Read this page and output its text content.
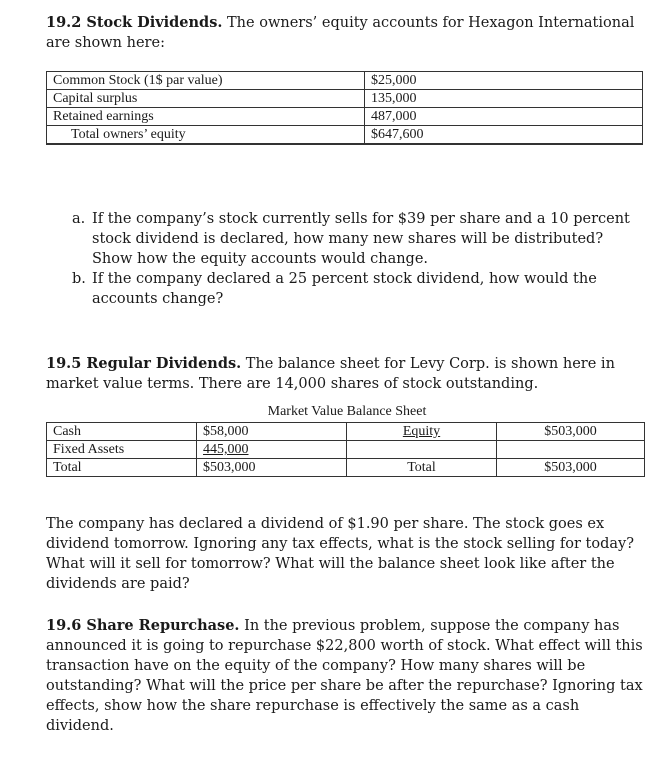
19.2 Stock Dividends. The owners’ equity accounts for Hexagon International are shown here:
Common Stock (1$ par value)	$25,000
Capital surplus	135,000
Retained earnings	487,000
Total owners’ equity	$647,600
a. If the company’s stock currently sells for $39 per share and a 10 percent stock dividend is declared, how many new shares will be distributed? Show how the equity accounts would change.
b. If the company declared a 25 percent stock dividend, how would the accounts change?
19.5 Regular Dividends. The balance sheet for Levy Corp. is shown here in market value terms. There are 14,000 shares of stock outstanding.
Market Value Balance Sheet
Cash	$58,000	Equity	$503,000
Fixed Assets	445,000		
Total	$503,000	Total	$503,000
The company has declared a dividend of $1.90 per share. The stock goes ex dividend tomorrow. Ignoring any tax effects, what is the stock selling for today? What will it sell for tomorrow? What will the balance sheet look like after the dividends are paid?
19.6 Share Repurchase. In the previous problem, suppose the company has announced it is going to repurchase $22,800 worth of stock. What effect will this transaction have on the equity of the company? How many shares will be outstanding? What will the price per share be after the repurchase? Ignoring tax effects, show how the share repurchase is effectively the same as a cash dividend.
